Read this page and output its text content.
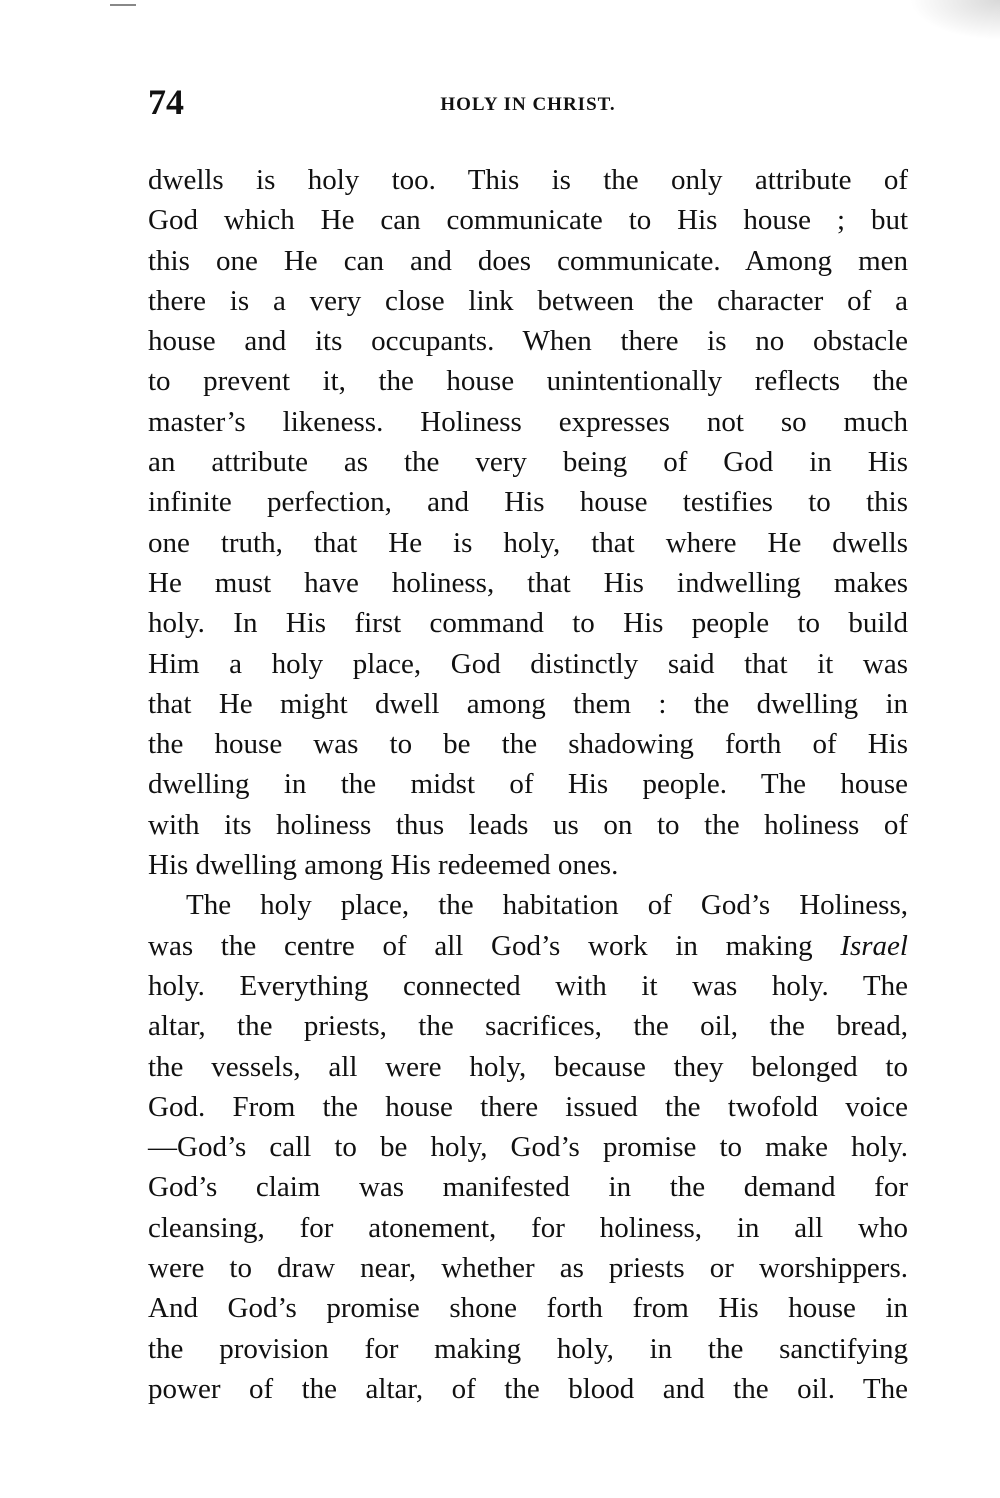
74	HOLY IN CHRIST.
dwells is holy too. This is the only attribute of
God which He can communicate to His house ; but
this one He can and does communicate. Among men
there is a very close link between the character of a
house and its occupants. When there is no obstacle
to prevent it, the house unintentionally reflects the
master’s likeness. Holiness expresses not so much
an attribute as the very being of God in His
infinite perfection, and His house testifies to this
one truth, that He is holy, that where He dwells
He must have holiness, that His indwelling makes
holy. In His first command to His people to build
Him a holy place, God distinctly said that it was
that He might dwell among them : the dwelling in
the house was to be the shadowing forth of His
dwelling in the midst of His people. The house
with its holiness thus leads us on to the holiness of
His dwelling among His redeemed ones.
The holy place, the habitation of God’s Holiness,
was the centre of all God’s work in making Israel
holy. Everything connected with it was holy. The
altar, the priests, the sacrifices, the oil, the bread,
the vessels, all were holy, because they belonged to
God. From the house there issued the twofold voice
—God’s call to be holy, God’s promise to make holy.
God’s claim was manifested in the demand for
cleansing, for atonement, for holiness, in all who
were to draw near, whether as priests or worshippers.
And God’s promise shone forth from His house in
the provision for making holy, in the sanctifying
power of the altar, of the blood and the oil. The
